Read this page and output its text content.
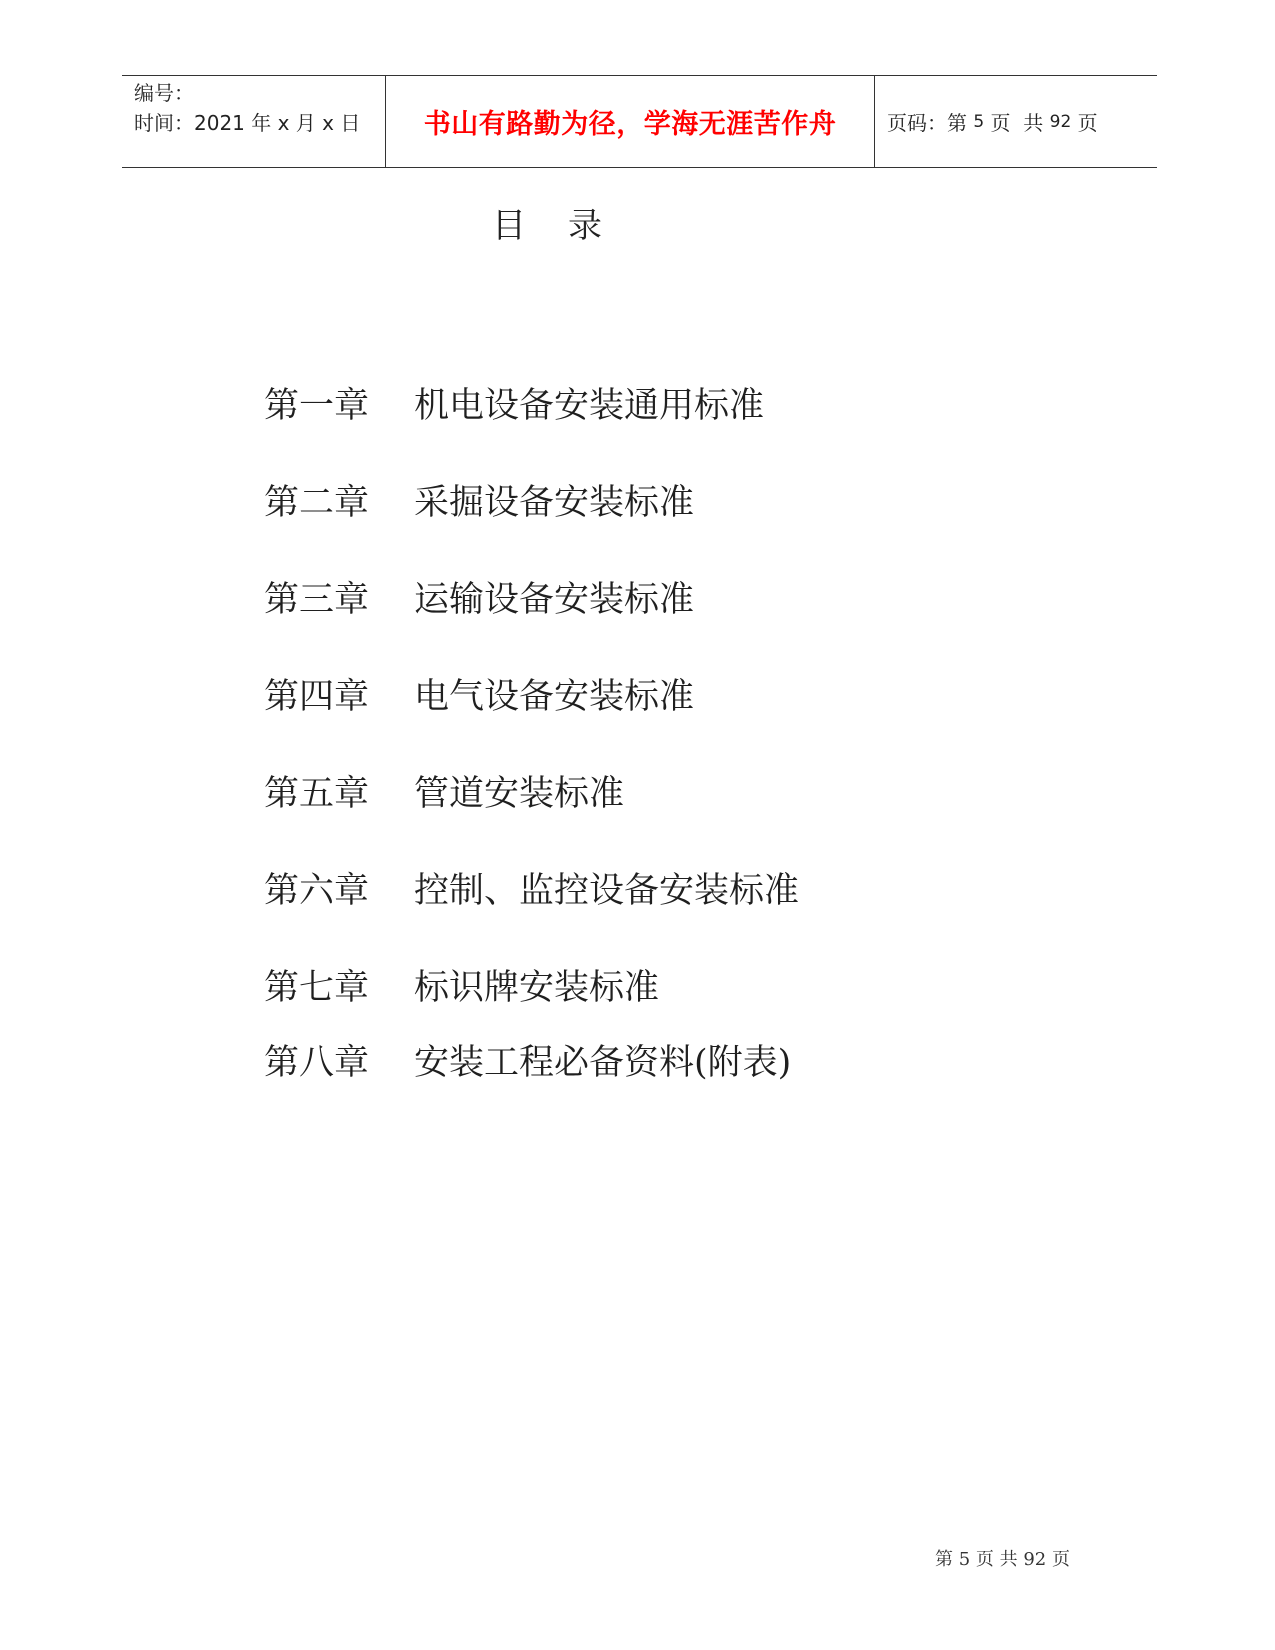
编号：
时间：2021 年 x 月 x 日	书山有路勤为径，学海无涯苦作舟	页码：第 5 页  共 92 页
目 录
第一章	机电设备安装通用标准
第二章	采掘设备安装标准
第三章	运输设备安装标准
第四章	电气设备安装标准
第五章	管道安装标准
第六章	控制、监控设备安装标准
第七章	标识牌安装标准
第八章	安装工程必备资料(附表)
第 5 页 共 92 页
